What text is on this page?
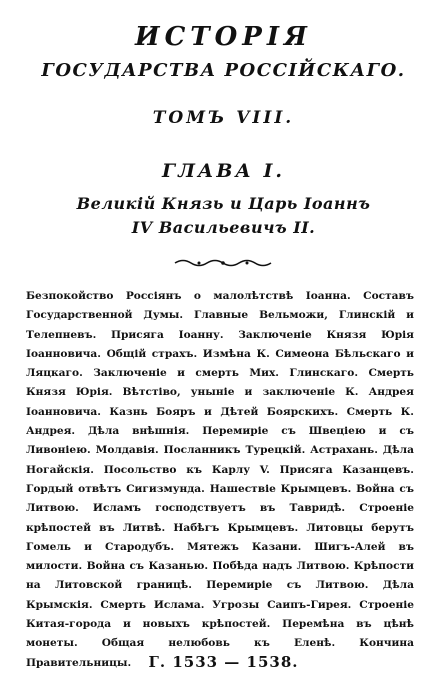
ИСТОРІЯ
ГОСУДАРСТВА РОССІЙСКАГО.
ТОМЪ VIII.
ГЛАВА I.
Великій Князь и Царь Іоаннъ
IV Васильевичъ II.
Безпокойство Россіянъ о малолѣтствѣ Іоанна. Составъ Государственной Думы. Главные Вельможи, Глинскій и Телепневъ. Присяга Іоанну. Заключеніе Князя Юрія Іоанновича. Общій страхъ. Измѣна К. Симеона Бѣльскаго и Ляцкаго. Заключеніе и смерть Мих. Глинскаго. Смерть Князя Юрія. Вѣтстіво, уныніе и заключеніе К. Андрея Іоанновича. Казнь Бояръ и Дѣтей Боярскихъ. Смерть К. Андрея. Дѣла внѣшнія. Перемиріе съ Швеціею и съ Ливоніею. Молдавія. Посланникъ Турецкій. Астрахань. Дѣла Ногайскія. Посольство къ Карлу V. Присяга Казанцевъ. Гордый отвѣтъ Сигизмунда. Нашествіе Крымцевъ. Война съ Литвою. Исламъ господствуетъ въ Тавридѣ. Строеніе крѣпостей въ Литвѣ. Набѣгъ Крымцевъ. Литовцы берутъ Гомель и Стародубъ. Мятежъ Казани. Шигъ-Алей въ милости. Война съ Казанью. Побѣда надъ Литвою. Крѣпости на Литовской границѣ. Перемиріе съ Литвою. Дѣла Крымскія. Смерть Ислама. Угрозы Саипъ-Гирея. Строеніе Китая-города и новыхъ крѣпостей. Перемѣна въ цѣнѣ монеты. Общая нелюбовь къ Еленѣ. Кончина Правительницы.	Г. 1533 — 1538.
